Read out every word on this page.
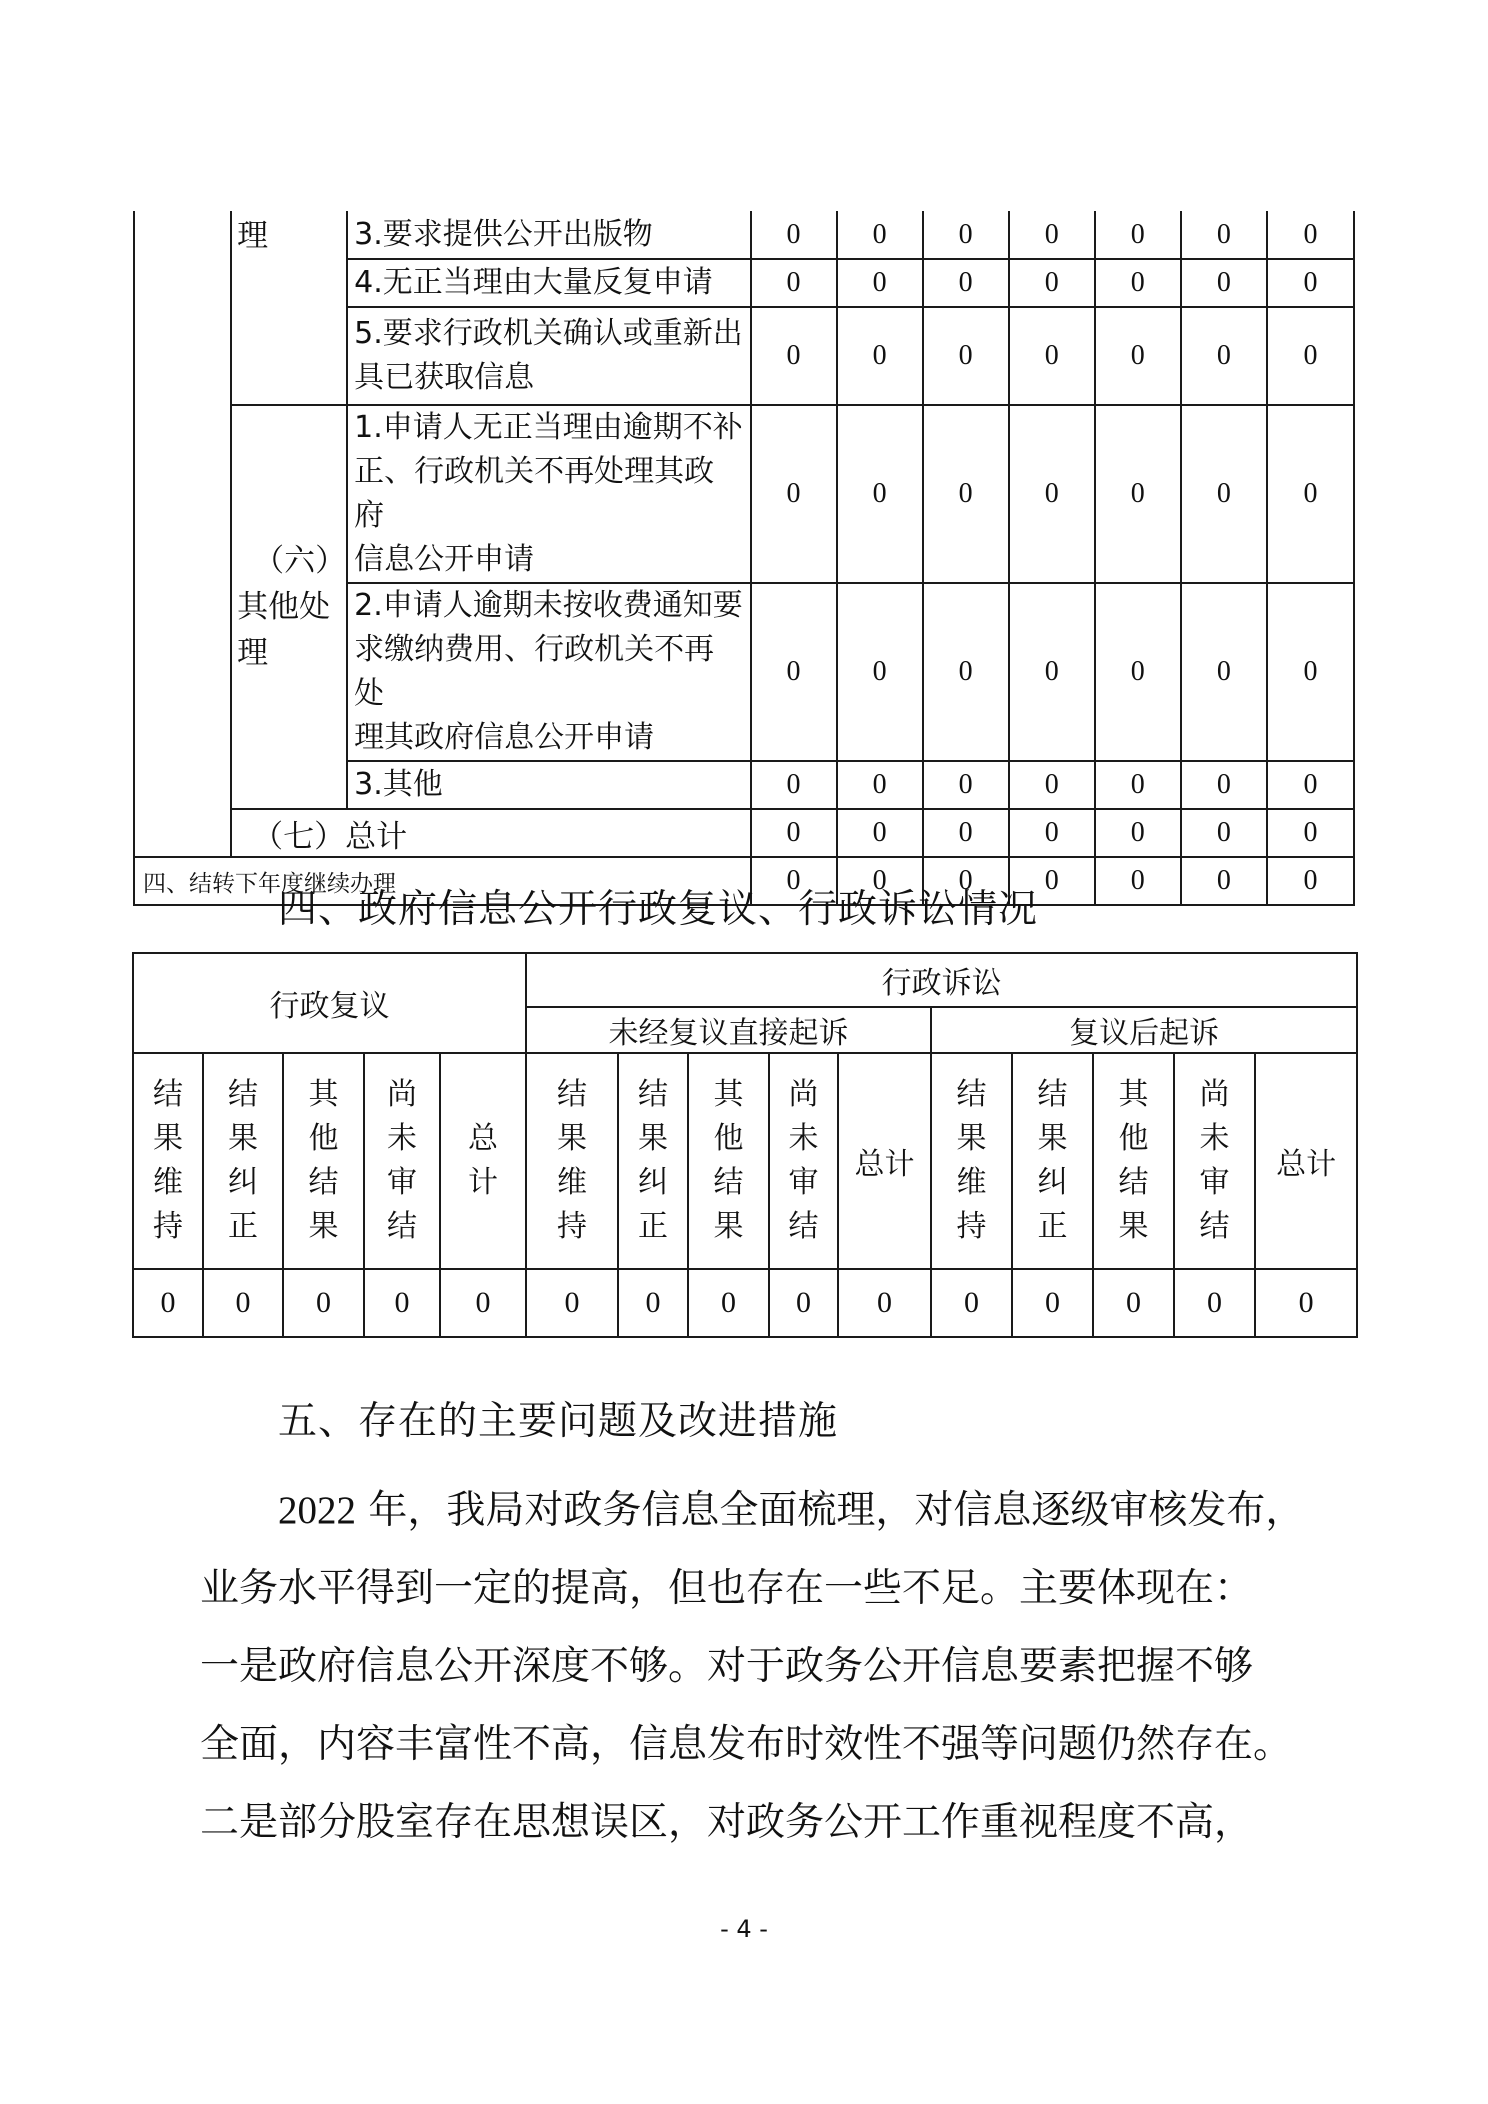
	理	3.要求提供公开出版物	0	0	0	0	0	0	0
		4.无正当理由大量反复申请	0	0	0	0	0	0	0

		5.要求行政机关确认或重新出
具已获取信息	0	0	0	0	0	0	0

	（六）
其他处
理	1.申请人无正当理由逾期不补
正、行政机关不再处理其政府
信息公开申请	0	0	0	0	0	0	0

		2.申请人逾期未按收费通知要
求缴纳费用、行政机关不再处
理其政府信息公开申请	0	0	0	0	0	0	0
		3.其他	0	0	0	0	0	0	0
	（七）总计		0	0	0	0	0	0	0
四、结转下年度继续办理			0	0	0	0	0	0	0
四、政府信息公开行政复议、行政诉讼情况
行政复议					行政诉讼									
					未经复议直接起诉					复议后起诉				

结
果
维
持	结
果
纠
正	其
他
结
果	尚
未
审
结	总
计	结
果
维
持	结
果
纠
正	其
他
结
果	尚
未
审
结	总计	结
果
维
持	结
果
纠
正	其
他
结
果	尚
未
审
结	总计
0	0	0	0	0	0	0	0	0	0	0	0	0	0	0
五、存在的主要问题及改进措施

2022 年，我局对政务信息全面梳理，对信息逐级审核发布，

业务水平得到一定的提高，但也存在一些不足。主要体现在：

一是政府信息公开深度不够。对于政务公开信息要素把握不够

全面，内容丰富性不高，信息发布时效性不强等问题仍然存在。

二是部分股室存在思想误区，对政务公开工作重视程度不高，

- 4 -
